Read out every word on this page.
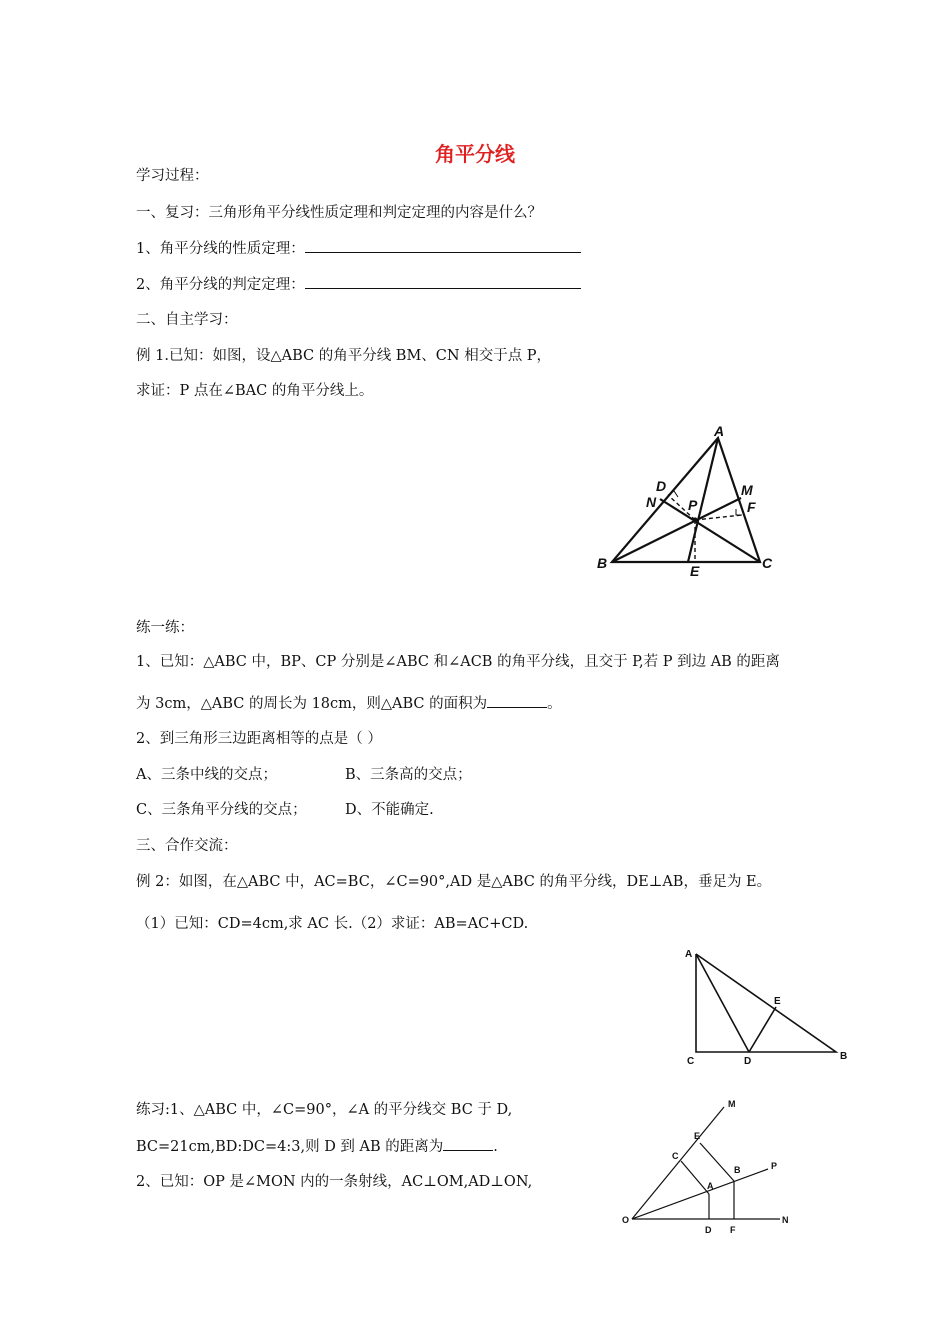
角平分线
学习过程：
一、复习：三角形角平分线性质定理和判定定理的内容是什么？
1、角平分线的性质定理：
2、角平分线的判定定理：
二、自主学习：
例 1.已知：如图，设△ABC 的角平分线 BM、CN 相交于点 P，
求证：P 点在∠BAC 的角平分线上。
A
B	C
D
N P
M
F
E
练一练：
1、已知：△ABC 中，BP、CP 分别是∠ABC 和∠ACB 的角平分线，且交于 P,若 P 到边 AB 的距离
为 3cm，△ABC 的周长为 18cm，则△ABC 的面积为	。
2、到三角形三边距离相等的点是（ ）
A、三条中线的交点；	B、三条高的交点；
C、三条角平分线的交点；	D、不能确定.
三、合作交流：
例 2：如图，在△ABC 中，AC=BC，∠C=90°,AD 是△ABC 的角平分线，DE⊥AB，垂足为 E。
（1）已知：CD=4cm,求 AC 长.（2）求证：AB=AC+CD.
A
C	D	B
E
练习:1、△ABC 中，∠C=90°，∠A 的平分线交 BC 于 D,
BC=21cm,BD:DC=4:3,则 D 到 AB 的距离为	.
2、已知：OP 是∠MON 内的一条射线，AC⊥OM,AD⊥ON,
M
E
C
B	P
A
O
D F
N
